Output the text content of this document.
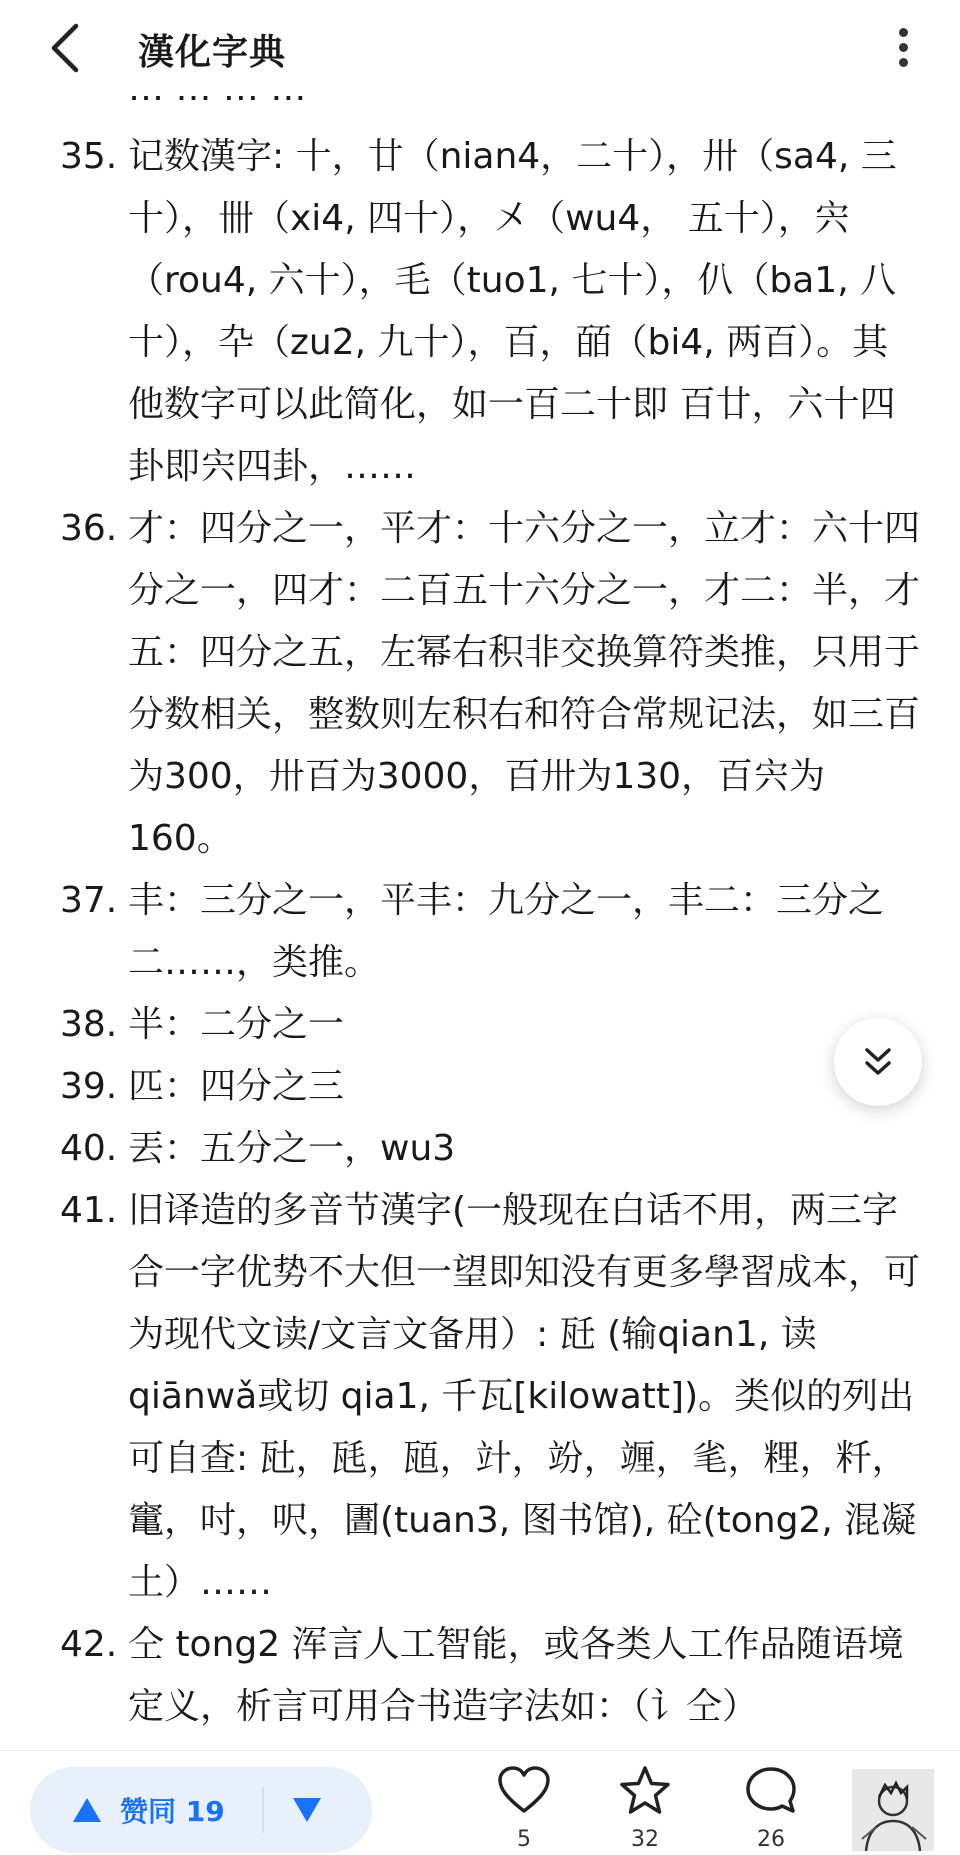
漢化字典
35. 记数漢字: 十，廿（nian4，二十），卅（sa4, 三十），卌（xi4, 四十），㐅（wu4， 五十），宍（rou4, 六十），毛（tuo1, 七十），仈（ba1, 八十），卆（zu2, 九十），百，皕（bi4, 两百）。其他数字可以此简化，如一百二十即 百廿，六十四卦即宍四卦，……
36. 才：四分之一，平才：十六分之一，立才：六十四分之一，四才：二百五十六分之一，才二：半，才五：四分之五，左幂右积非交换算符类推，只用于分数相关，整数则左积右和符合常规记法，如三百为300，卅百为3000，百卅为130，百宍为160。
37. 丰：三分之一，平丰：九分之一，丰二：三分之二……，类推。
38. 半：二分之一
39. 匹：四分之三
40. 丟：五分之一，wu3
41. 旧译造的多音节漢字(一般现在白话不用，两三字合一字优势不大但一望即知没有更多學習成本，可为现代文读/文言文备用）: 瓩 (输qian1, 读qiānwǎ或切 qia1, 千瓦[kilowatt])。类似的列出可自查: 瓧，瓱，瓸，竍，竕，竰，毟，粴，粁，竃，吋，呎，圕(tuan3, 图书馆), 砼(tong2, 混凝土）……
42. 仝 tong2 浑言人工智能，或各类人工作品随语境定义，析言可用合书造字法如：（讠仝）
赞同 19
5	32	26
